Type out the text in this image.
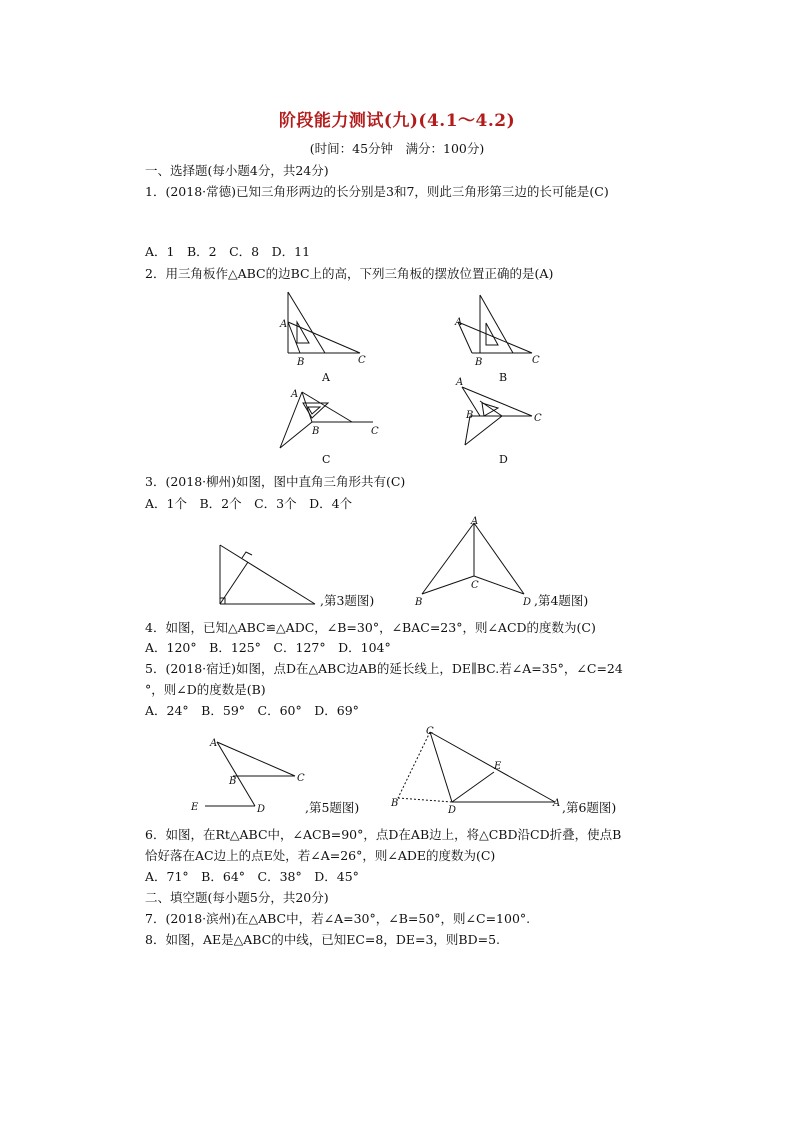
阶段能力测试(九)(4.1～4.2)
(时间：45分钟　满分：100分)
一、选择题(每小题4分，共24分)
1．(2018·常德)已知三角形两边的长分别是3和7，则此三角形第三边的长可能是(C)
A．1　B．2　C．8　D．11
2．用三角板作△ABC的边BC上的高，下列三角板的摆放位置正确的是(A)
A
B	C
A
A
B	C
B
A
B	C
C
A
B	C
D
3．(2018·柳州)如图，图中直角三角形共有(C)
A．1个　B．2个　C．3个　D．4个
,第3题图)
A
B
C
D ,第4题图)
4．如图，已知△ABC≌△ADC，∠B=30°，∠BAC=23°，则∠ACD的度数为(C)
A．120°　B．125°　C．127°　D．104°
5．(2018·宿迁)如图，点D在△ABC边AB的延长线上，DE∥BC.若∠A=35°，∠C=24
°，则∠D的度数是(B)
A．24°　B．59°　C．60°　D．69°
A
B	C
E	D	,第5题图)
C
E
B
D
A ,第6题图)
6．如图，在Rt△ABC中，∠ACB=90°，点D在AB边上，将△CBD沿CD折叠，使点B
恰好落在AC边上的点E处，若∠A=26°，则∠ADE的度数为(C)
A．71°　B．64°　C．38°　D．45°
二、填空题(每小题5分，共20分)
7．(2018·滨州)在△ABC中，若∠A=30°，∠B=50°，则∠C=100°.
8．如图，AE是△ABC的中线，已知EC=8，DE=3，则BD=5.
